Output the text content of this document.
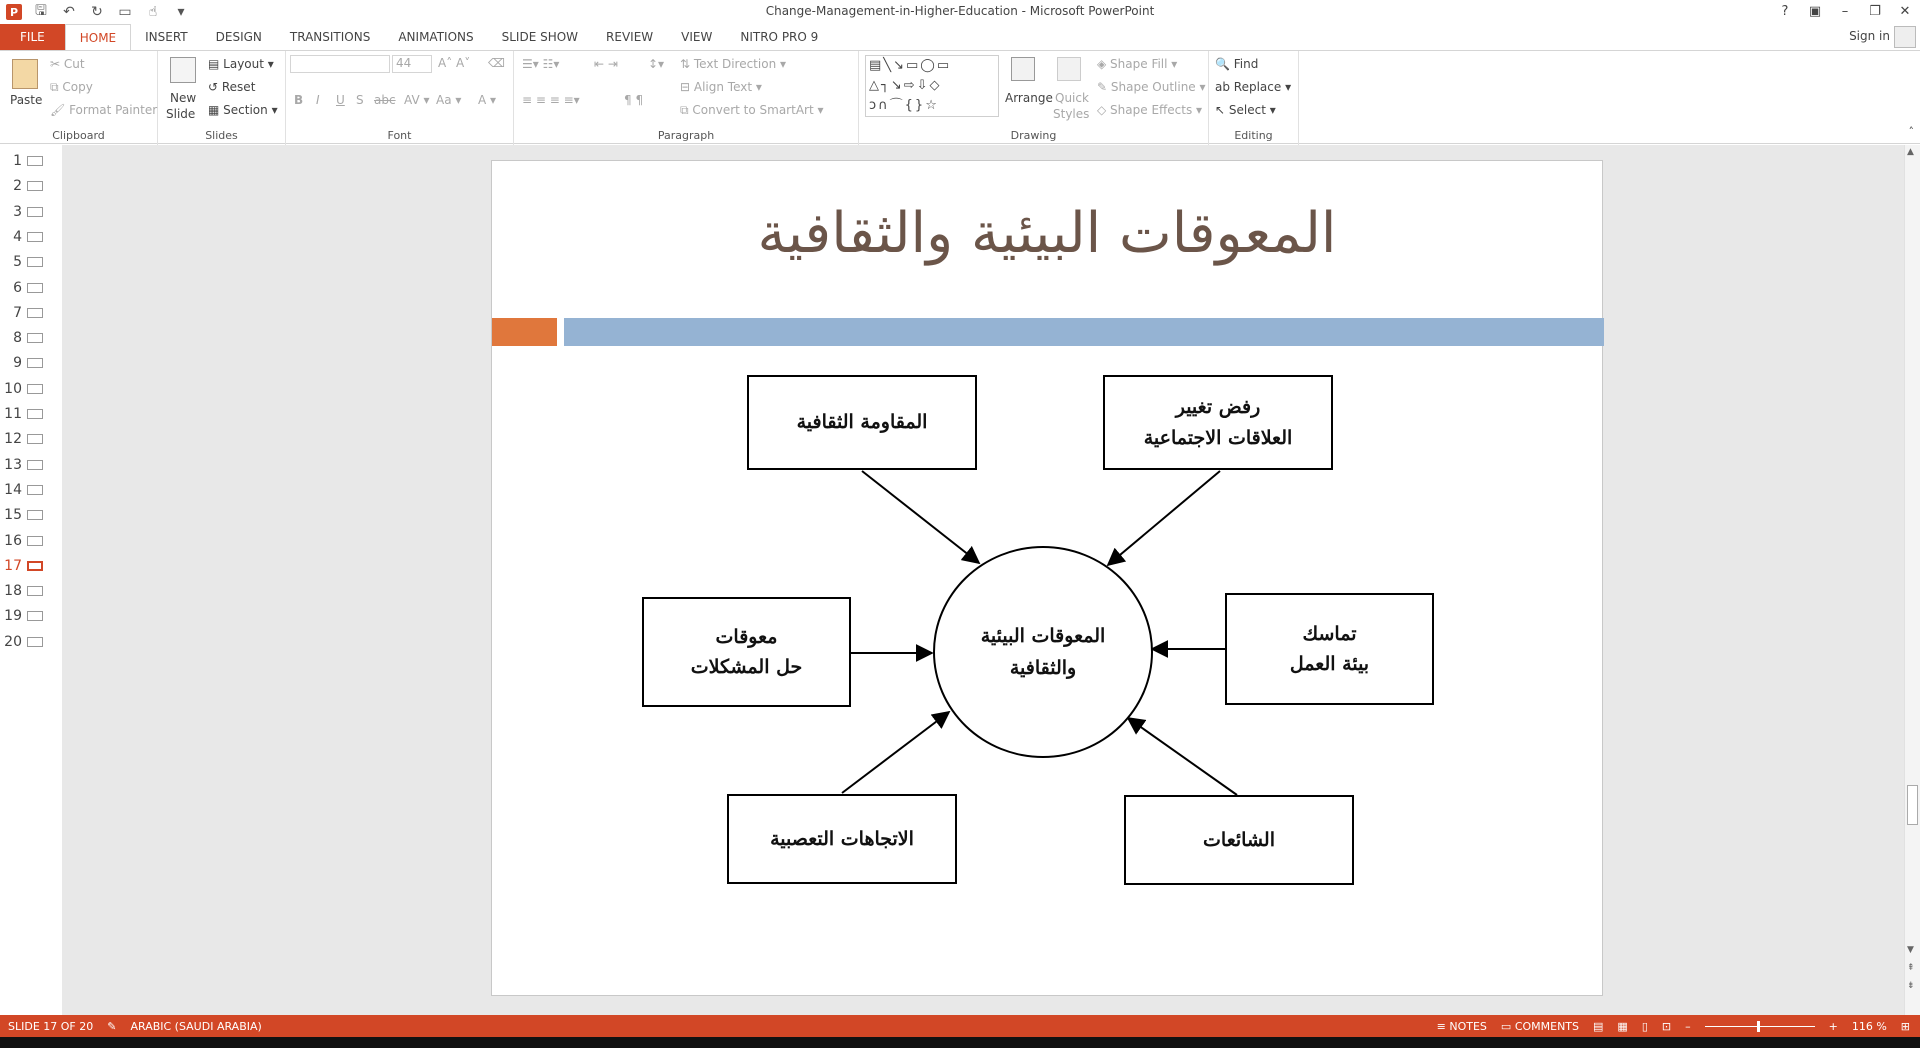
P 🖫 ↶ ↻ ▭	☝	▾	Change-Management-in-Higher-Education - Microsoft PowerPoint	?	▣	–	❐	✕
FILE	HOME	INSERT	DESIGN	TRANSITIONS	ANIMATIONS	SLIDE SHOW	REVIEW	VIEW	NITRO PRO 9	Sign in
Paste
✂ Cut
⧉ Copy
🖌 Format Painter
Clipboard
New
Slide
▤ Layout ▾
↺ Reset
▦ Section ▾
Slides
44	A˄ A˅ ⌫
B I U S abc AV ▾ Aa ▾ A ▾
Font
☰▾ ☷▾	⇤ ⇥	↕▾
≡ ≡ ≡ ≡▾	¶ ¶
⇅ Text Direction ▾
⊟ Align Text ▾
⧉ Convert to SmartArt ▾
Paragraph
▤╲↘▭◯▭
△┐↘⇨⇩◇
ↄ∩⌒{}☆	Arrange Quick
Styles
◈ Shape Fill ▾
✎ Shape Outline ▾
◇ Shape Effects ▾
Drawing
🔍 Find
ab Replace ▾
↖ Select ▾
Editing	˄
1
2
3
4
5
6
7
8
9
10
11
12
13
14
15
16
17
18
19
20
المعوقات البيئية والثقافية
المعوقات البيئية
والثقافية
المقاومة الثقافية
رفض تغيير
العلاقات الاجتماعية
معوقات
حل المشكلات
تماسك
بيئة العمل
الاتجاهات التعصبية	الشائعات
▲
▼
⇞
⇟
SLIDE 17 OF 20 ✎ ARABIC (SAUDI ARABIA)	≡ NOTES ▭ COMMENTS ▤ ▦ ▯ ⊡ –	+ 116 % ⊞
